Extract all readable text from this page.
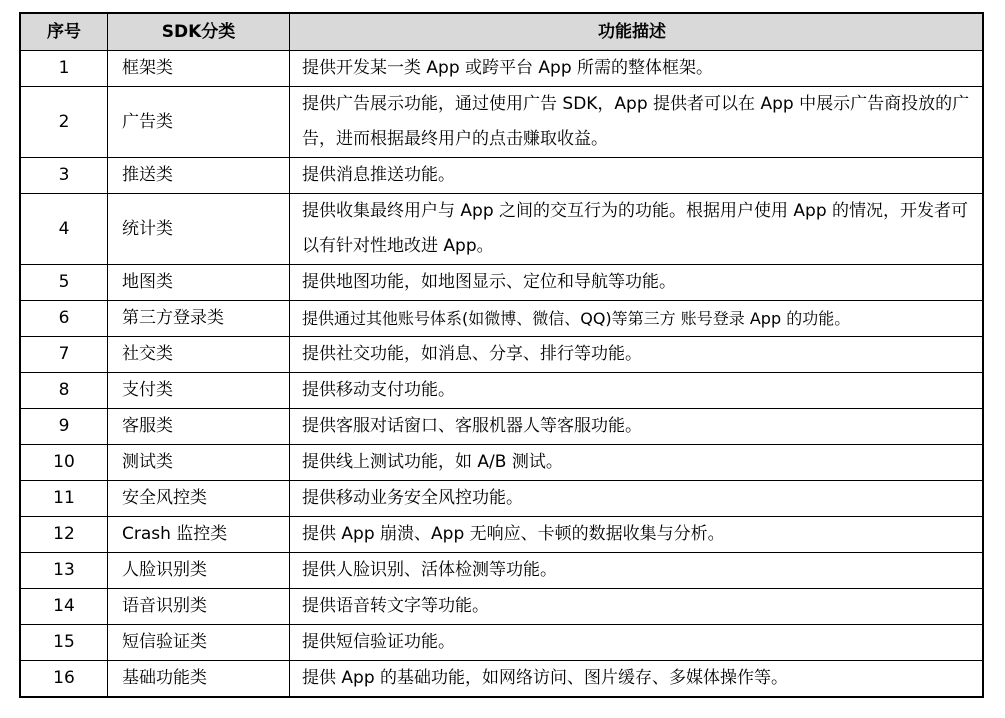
序号	SDK分类	功能描述
1	框架类	提供开发某一类 App 或跨平台 App 所需的整体框架。
2	广告类	提供广告展示功能，通过使用广告 SDK，App 提供者可以在 App 中展示广告商投放的广告，进而根据最终用户的点击赚取收益。
3	推送类	提供消息推送功能。
4	统计类	提供收集最终用户与 App 之间的交互行为的功能。根据用户使用 App 的情况，开发者可以有针对性地改进 App。
5	地图类	提供地图功能，如地图显示、定位和导航等功能。
6	第三方登录类	提供通过其他账号体系(如微博、微信、QQ)等第三方 账号登录 App 的功能。
7	社交类	提供社交功能，如消息、分享、排行等功能。
8	支付类	提供移动支付功能。
9	客服类	提供客服对话窗口、客服机器人等客服功能。
10	测试类	提供线上测试功能，如 A/B 测试。
11	安全风控类	提供移动业务安全风控功能。
12	Crash 监控类	提供 App 崩溃、App 无响应、卡顿的数据收集与分析。
13	人脸识别类	提供人脸识别、活体检测等功能。
14	语音识别类	提供语音转文字等功能。
15	短信验证类	提供短信验证功能。
16	基础功能类	提供 App 的基础功能，如网络访问、图片缓存、多媒体操作等。
